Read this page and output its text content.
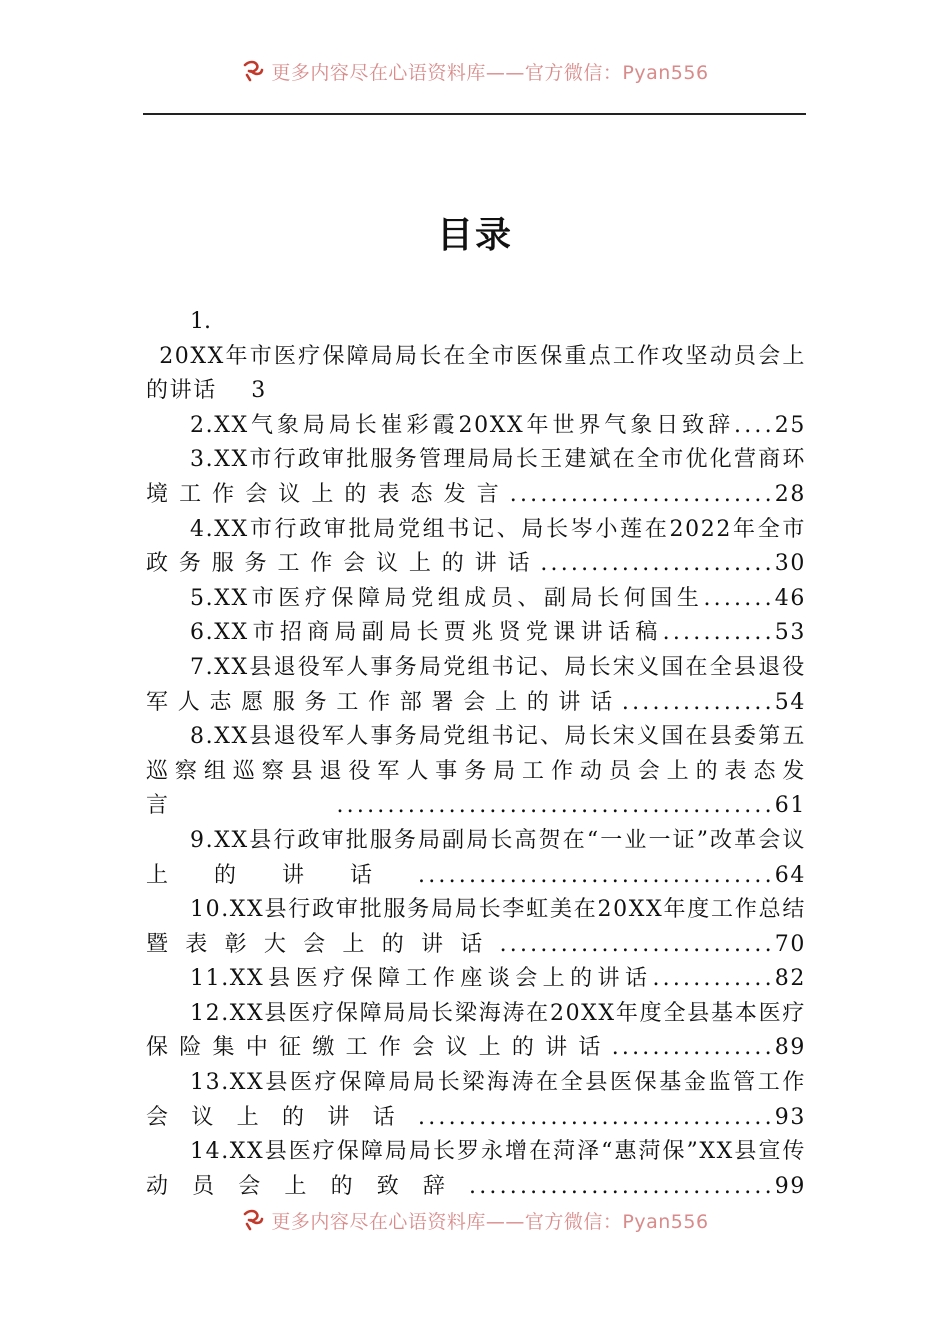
更多内容尽在心语资料库——官方微信：Pyan556
目录
1.
20XX年市医疗保障局局长在全市医保重点工作攻坚动员会上的讲话 3
2.XX气象局局长崔彩霞20XX年世界气象日致辞....25
3.XX市行政审批服务管理局局长王建斌在全市优化营商环境工作会议上的表态发言..........................28
4.XX市行政审批局党组书记、局长岑小莲在2022年全市政务服务工作会议上的讲话.......................30
5.XX市医疗保障局党组成员、副局长何国生.......46
6.XX市招商局副局长贾兆贤党课讲话稿...........53
7.XX县退役军人事务局党组书记、局长宋义国在全县退役军人志愿服务工作部署会上的讲话...............54
8.XX县退役军人事务局党组书记、局长宋义国在县委第五巡察组巡察县退役军人事务局工作动员会上的表态发言...........................................61
9.XX县行政审批服务局副局长高贺在“一业一证”改革会议上的讲话...................................64
10.XX县行政审批服务局局长李虹美在20XX年度工作总结暨表彰大会上的讲话...........................70
11.XX县医疗保障工作座谈会上的讲话............82
12.XX县医疗保障局局长梁海涛在20XX年度全县基本医疗保险集中征缴工作会议上的讲话................89
13.XX县医疗保障局局长梁海涛在全县医保基金监管工作会议上的讲话...................................93
14.XX县医疗保障局局长罗永增在菏泽“惠菏保”XX县宣传动员会上的致辞..............................99
更多内容尽在心语资料库——官方微信：Pyan556
